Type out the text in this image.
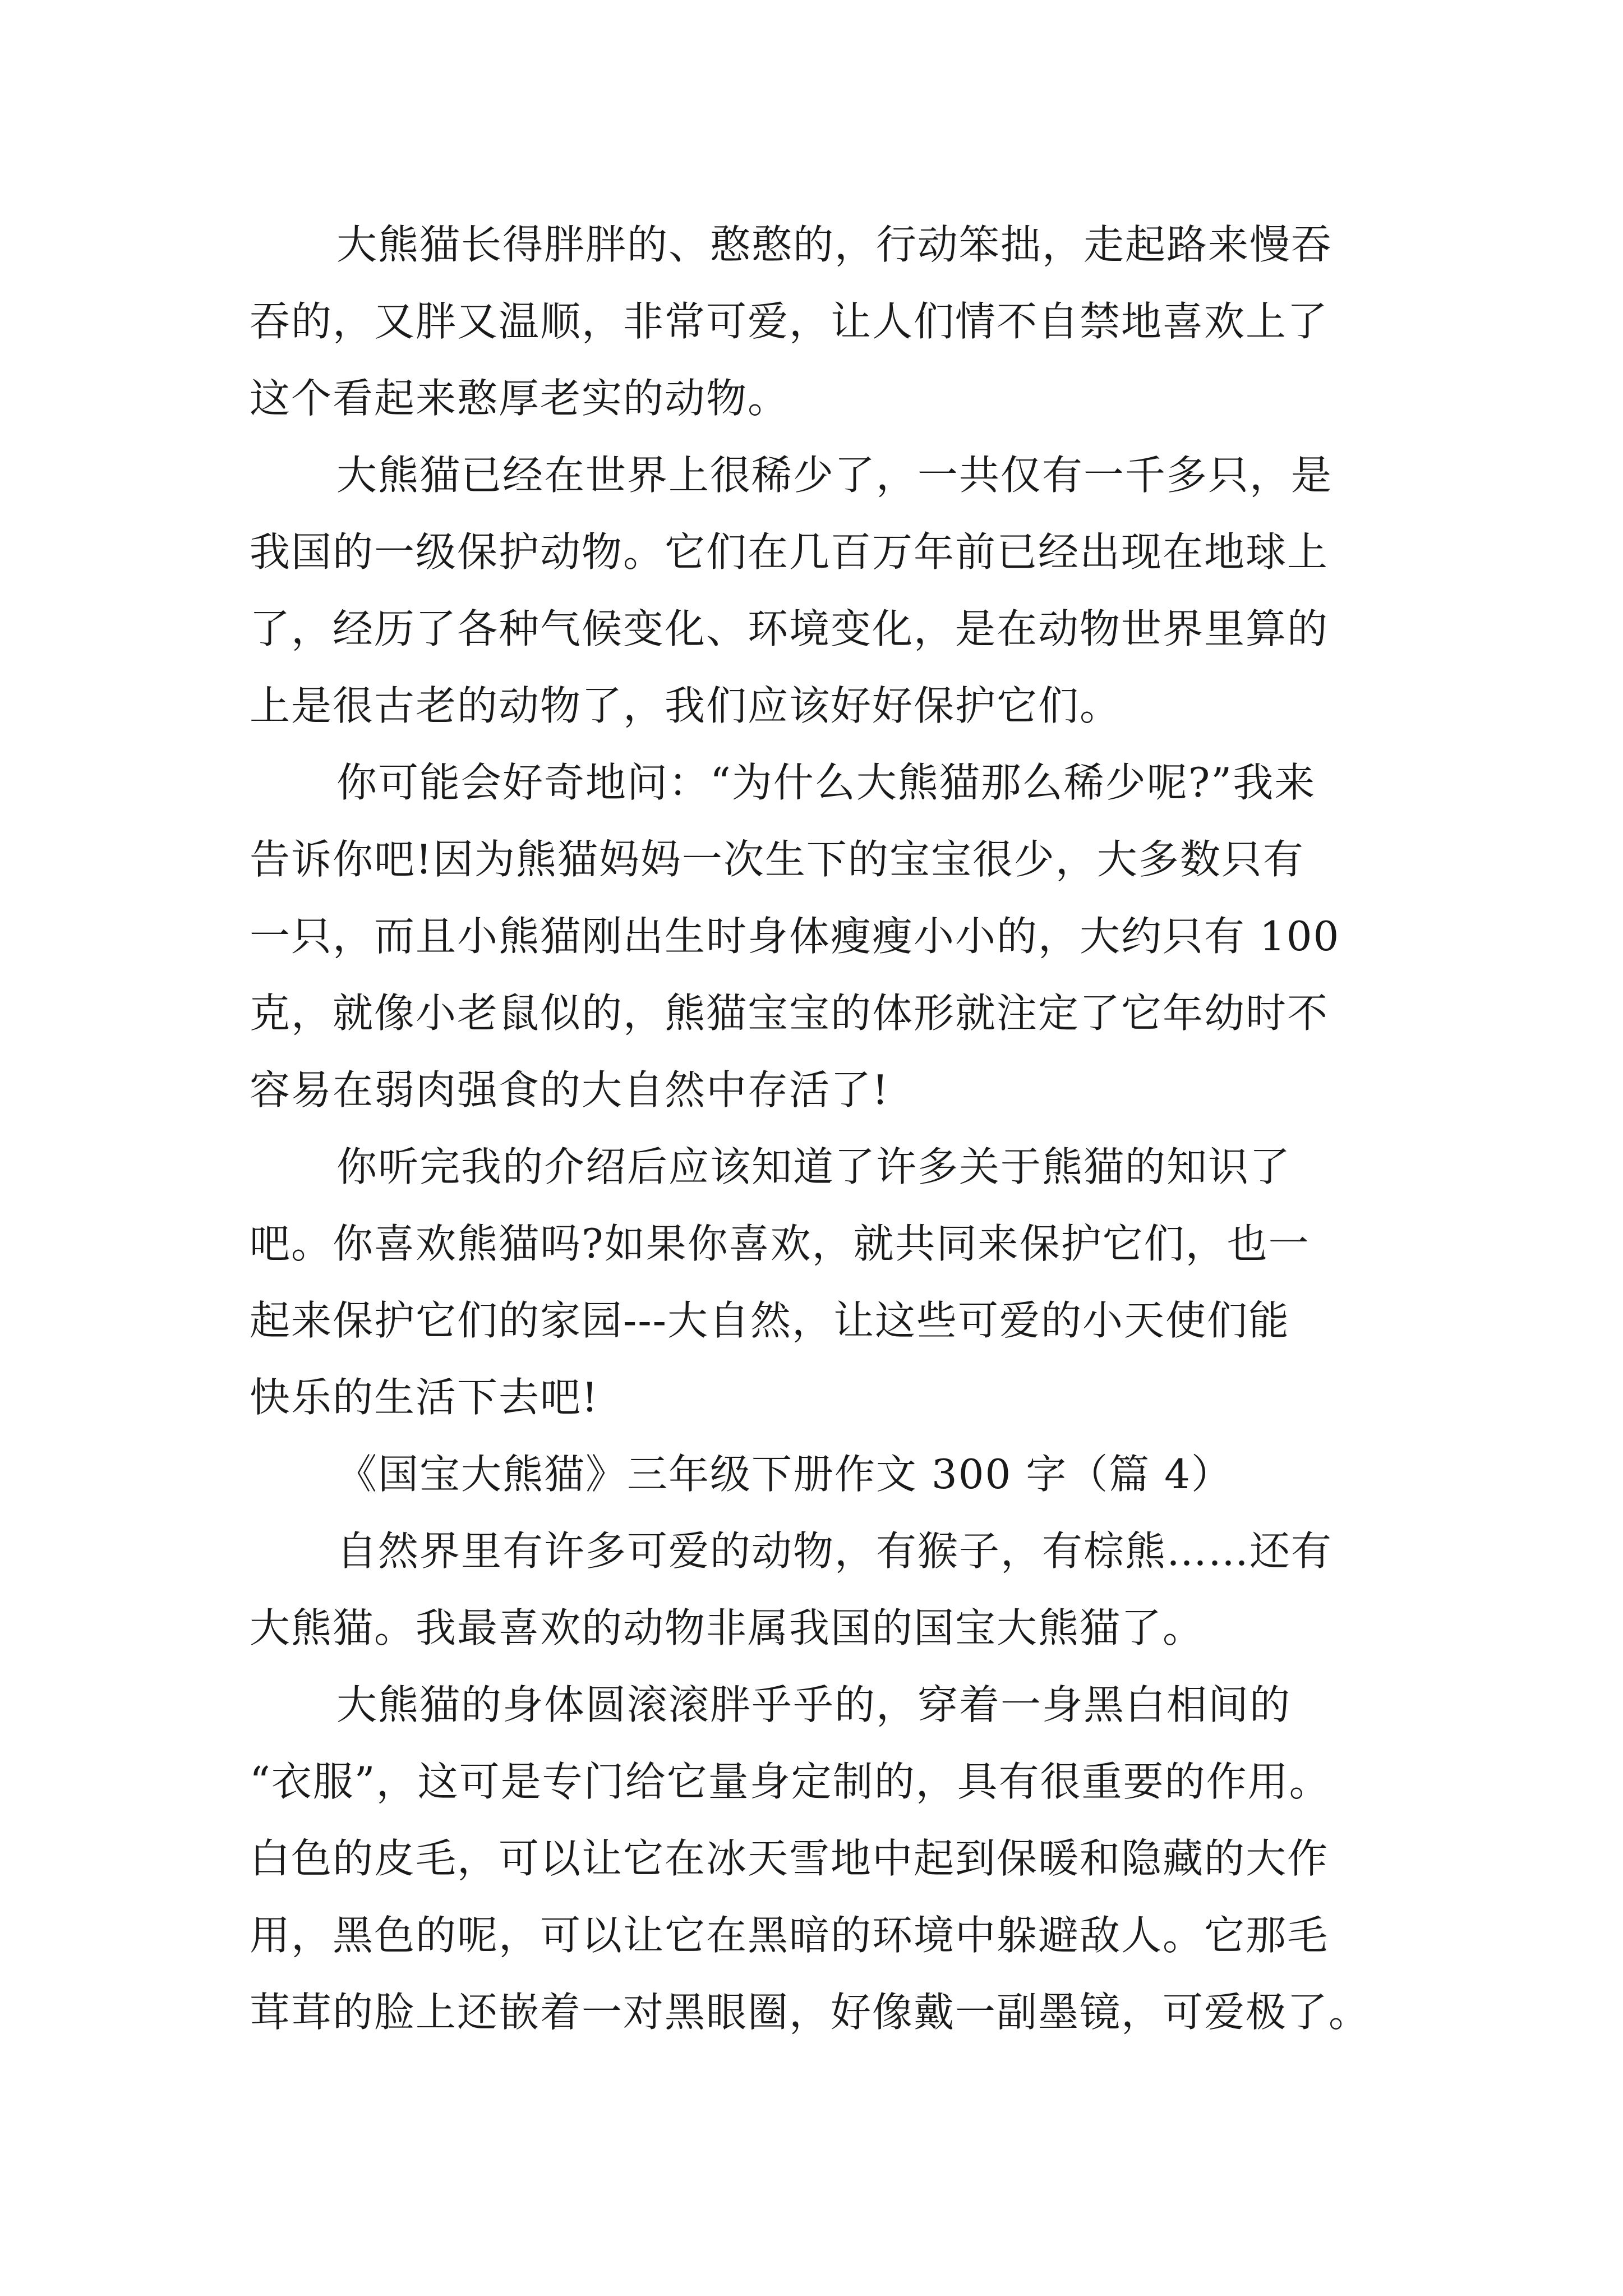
大熊猫长得胖胖的、憨憨的，行动笨拙，走起路来慢吞
吞的，又胖又温顺，非常可爱，让人们情不自禁地喜欢上了
这个看起来憨厚老实的动物。
大熊猫已经在世界上很稀少了，一共仅有一千多只，是
我国的一级保护动物。它们在几百万年前已经出现在地球上
了，经历了各种气候变化、环境变化，是在动物世界里算的
上是很古老的动物了，我们应该好好保护它们。
你可能会好奇地问：“为什么大熊猫那么稀少呢?”我来
告诉你吧!因为熊猫妈妈一次生下的宝宝很少，大多数只有
一只，而且小熊猫刚出生时身体瘦瘦小小的，大约只有 100
克，就像小老鼠似的，熊猫宝宝的体形就注定了它年幼时不
容易在弱肉强食的大自然中存活了!
你听完我的介绍后应该知道了许多关于熊猫的知识了
吧。你喜欢熊猫吗?如果你喜欢，就共同来保护它们，也一
起来保护它们的家园---大自然，让这些可爱的小天使们能
快乐的生活下去吧!
《国宝大熊猫》三年级下册作文 300 字（篇 4）
自然界里有许多可爱的动物，有猴子，有棕熊……还有
大熊猫。我最喜欢的动物非属我国的国宝大熊猫了。
大熊猫的身体圆滚滚胖乎乎的，穿着一身黑白相间的
“衣服”，这可是专门给它量身定制的，具有很重要的作用。
白色的皮毛，可以让它在冰天雪地中起到保暖和隐藏的大作
用，黑色的呢，可以让它在黑暗的环境中躲避敌人。它那毛
茸茸的脸上还嵌着一对黑眼圈，好像戴一副墨镜，可爱极了。
